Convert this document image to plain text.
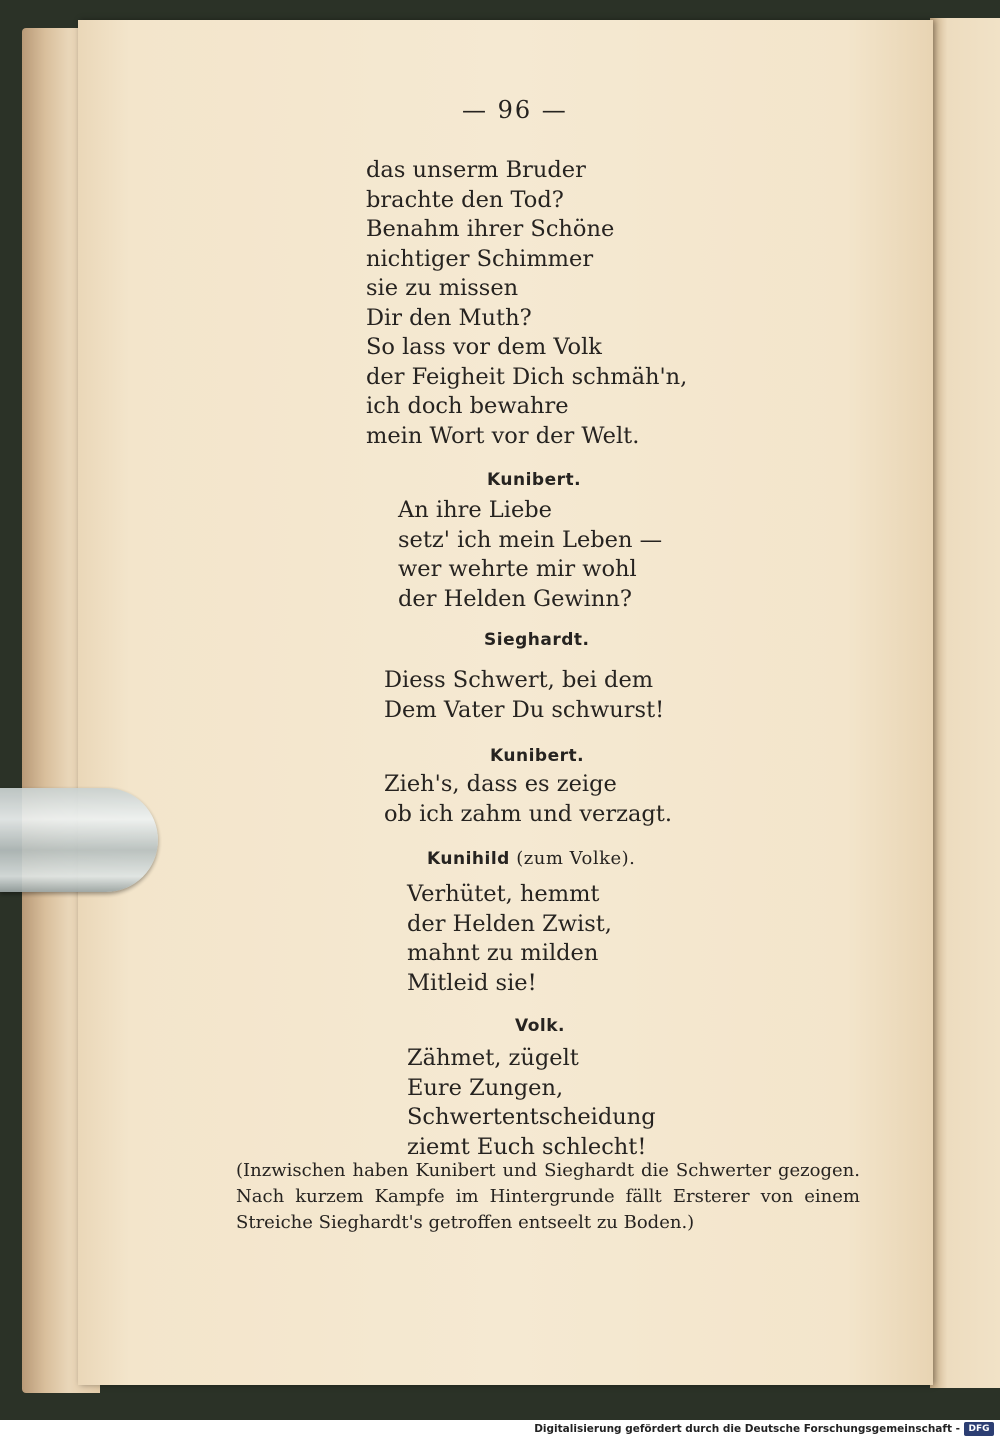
— 96 —
das unserm Bruder
brachte den Tod?
Benahm ihrer Schöne
nichtiger Schimmer
sie zu missen
Dir den Muth?
So lass vor dem Volk
der Feigheit Dich schmäh'n,
ich doch bewahre
mein Wort vor der Welt.
Kunibert.
An ihre Liebe
setz' ich mein Leben —
wer wehrte mir wohl
der Helden Gewinn?
Sieghardt.
Diess Schwert, bei dem
Dem Vater Du schwurst!
Kunibert.
Zieh's, dass es zeige
ob ich zahm und verzagt.
Kunihild (zum Volke).
Verhütet, hemmt
der Helden Zwist,
mahnt zu milden
Mitleid sie!
Volk.
Zähmet, zügelt
Eure Zungen,
Schwertentscheidung
ziemt Euch schlecht!
(Inzwischen haben Kunibert und Sieghardt die Schwerter gezogen. Nach kurzem Kampfe im Hintergrunde fällt Ersterer von einem Streiche Sieghardt's getroffen entseelt zu Boden.)
Digitalisierung gefördert durch die Deutsche Forschungsgemeinschaft - DFG
